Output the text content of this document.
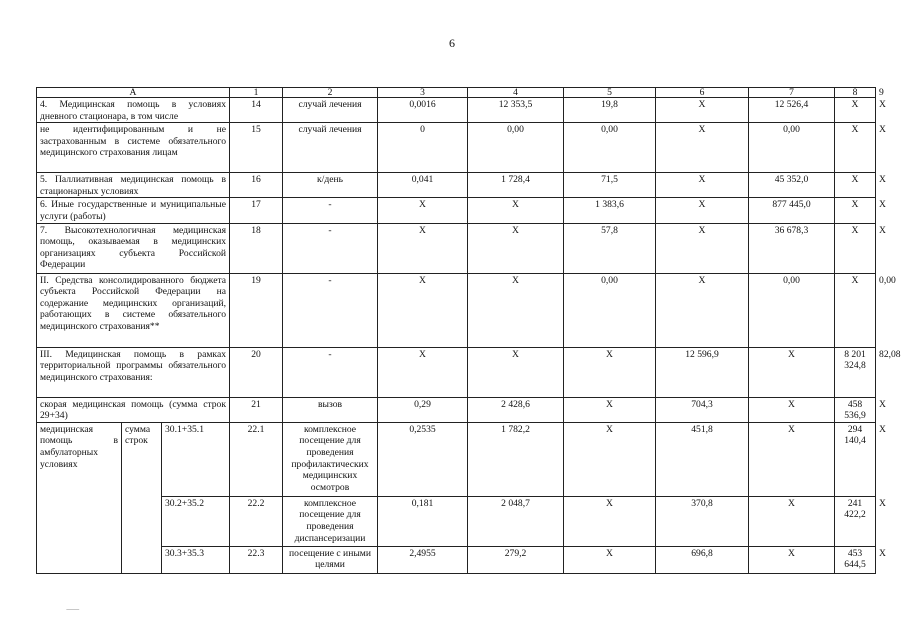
6
А			1	2	3	4	5	6	7	8	9
4. Медицинская помощь в условиях дневного стационара, в том числе			14	случай лечения	0,0016	12 353,5	19,8	X	12 526,4	X	X
не идентифицированным и не застрахованным в системе обязательного медицинского страхования лицам			15	случай лечения	0	0,00	0,00	X	0,00	X	X
5. Паллиативная медицинская помощь в стационарных условиях			16	к/день	0,041	1 728,4	71,5	X	45 352,0	X	X
6. Иные государственные и муниципальные услуги (работы)			17	-	X	X	1 383,6	X	877 445,0	X	X
7. Высокотехнологичная медицинская помощь, оказываемая в медицинских организациях субъекта Российской Федерации			18	-	X	X	57,8	X	36 678,3	X	X
II. Средства консолидированного бюджета субъекта Российской Федерации на содержание медицинских организаций, работающих в системе обязательного медицинского страхования**			19	-	X	X	0,00	X	0,00	X	0,00
III. Медицинская помощь в рамках территориальной программы обязательного медицинского страхования:			20	-	X	X	X	12 596,9	X	8 201 324,8	82,08
скорая медицинская помощь (сумма строк 29+34)			21	вызов	0,29	2 428,6	X	704,3	X	458 536,9	X
медицинская помощь в амбулаторных условиях	сумма строк	30.1+35.1	22.1	комплексное посещение для проведения профилактических медицинских осмотров	0,2535	1 782,2	X	451,8	X	294 140,4	X
		30.2+35.2	22.2	комплексное посещение для проведения диспансеризации	0,181	2 048,7	X	370,8	X	241 422,2	X
		30.3+35.3	22.3	посещение с иными целями	2,4955	279,2	X	696,8	X	453 644,5	X
⸺
